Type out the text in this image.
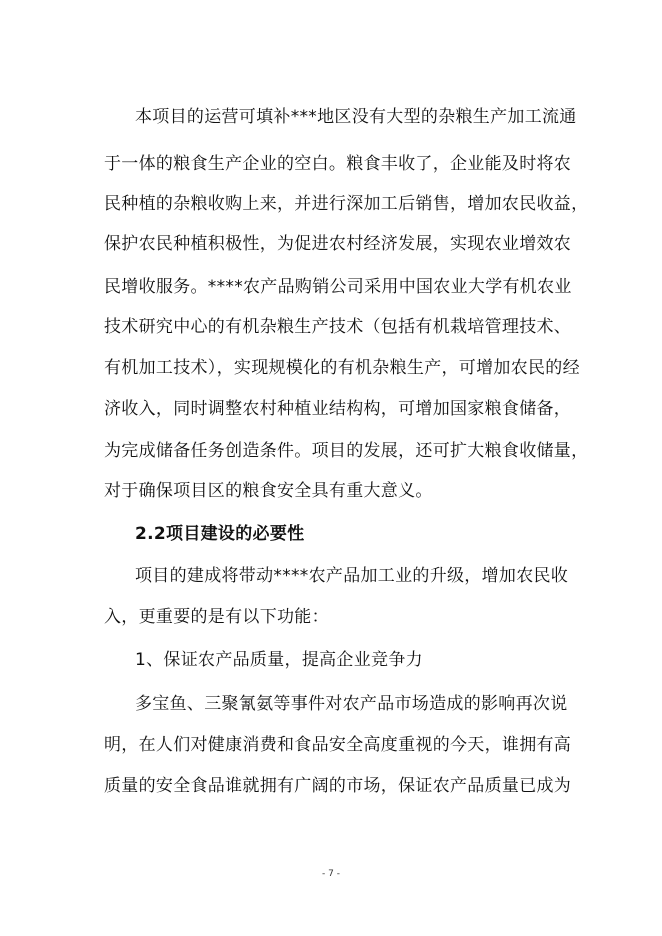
本项目的运营可填补***地区没有大型的杂粮生产加工流通
于一体的粮食生产企业的空白。粮食丰收了，企业能及时将农
民种植的杂粮收购上来，并进行深加工后销售，增加农民收益，
保护农民种植积极性，为促进农村经济发展，实现农业增效农
民增收服务。****农产品购销公司采用中国农业大学有机农业
技术研究中心的有机杂粮生产技术（包括有机栽培管理技术、
有机加工技术），实现规模化的有机杂粮生产，可增加农民的经
济收入，同时调整农村种植业结构构，可增加国家粮食储备，
为完成储备任务创造条件。项目的发展，还可扩大粮食收储量，
对于确保项目区的粮食安全具有重大意义。
2.2项目建设的必要性
项目的建成将带动****农产品加工业的升级，增加农民收
入，更重要的是有以下功能：
1、保证农产品质量，提高企业竞争力
多宝鱼、三聚氰氨等事件对农产品市场造成的影响再次说
明，在人们对健康消费和食品安全高度重视的今天，谁拥有高
质量的安全食品谁就拥有广阔的市场，保证农产品质量已成为
- 7 -
